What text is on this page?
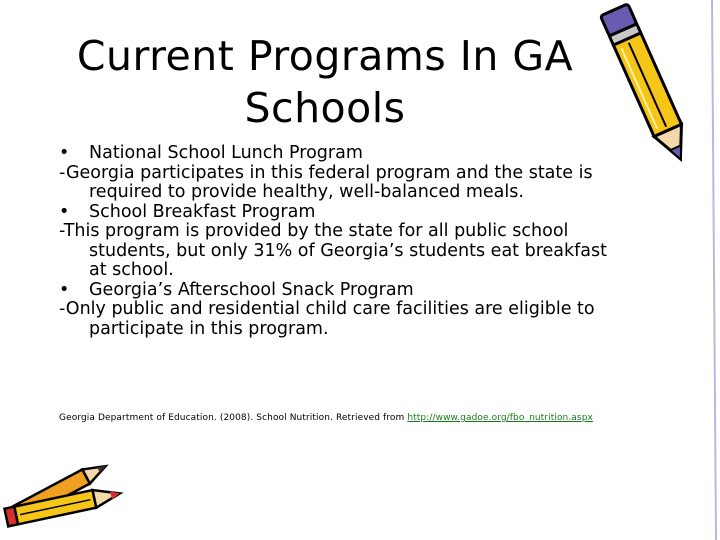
Current Programs In GA
Schools
• National School Lunch Program
-Georgia participates in this federal program and the state is
required to provide healthy, well-balanced meals.
• School Breakfast Program
-This program is provided by the state for all public school
students, but only 31% of Georgia’s students eat breakfast
at school.
• Georgia’s Afterschool Snack Program
-Only public and residential child care facilities are eligible to
participate in this program.
Georgia Department of Education. (2008). School Nutrition. Retrieved from http://www.gadoe.org/fbo_nutrition.aspx
